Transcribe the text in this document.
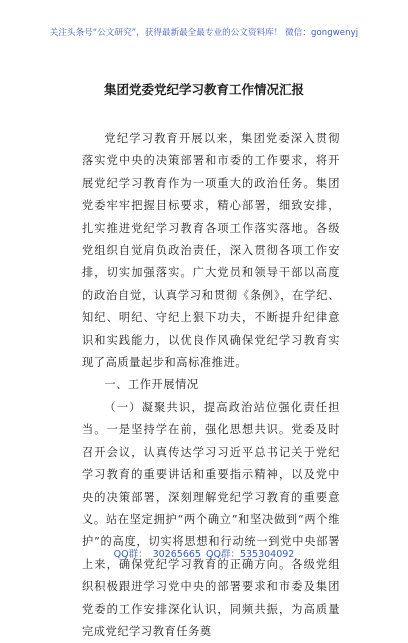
关注头条号“公文研究”，获得最新最全最专业的公文资料库！ 微信：gongwenyj
集团党委党纪学习教育工作情况汇报

党纪学习教育开展以来，集团党委深入贯彻落实党中央的决策部署和市委的工作要求，将开展党纪学习教育作为一项重大的政治任务。集团党委牢牢把握目标要求，精心部署，细致安排，扎实推进党纪学习教育各项工作落实落地。各级党组织自觉肩负政治责任，深入贯彻各项工作安排，切实加强落实。广大党员和领导干部以高度的政治自觉，认真学习和贯彻《条例》，在学纪、知纪、明纪、守纪上狠下功夫，不断提升纪律意识和实践能力，以优良作风确保党纪学习教育实现了高质量起步和高标准推进。

一、工作开展情况

（一）凝聚共识，提高政治站位强化责任担当。一是坚持学在前，强化思想共识。党委及时召开会议，认真传达学习习近平总书记关于党纪学习教育的重要讲话和重要指示精神，以及党中央的决策部署，深刻理解党纪学习教育的重要意义。站在坚定拥护“两个确立”和坚决做到“两个维护”的高度，切实将思想和行动统一到党中央部署上来，确保党纪学习教育的正确方向。各级党组织积极跟进学习党中央的部署要求和市委及集团党委的工作安排深化认识，同频共振，为高质量完成党纪学习教育任务奠

QQ群： 30265665 QQ群：535304092
